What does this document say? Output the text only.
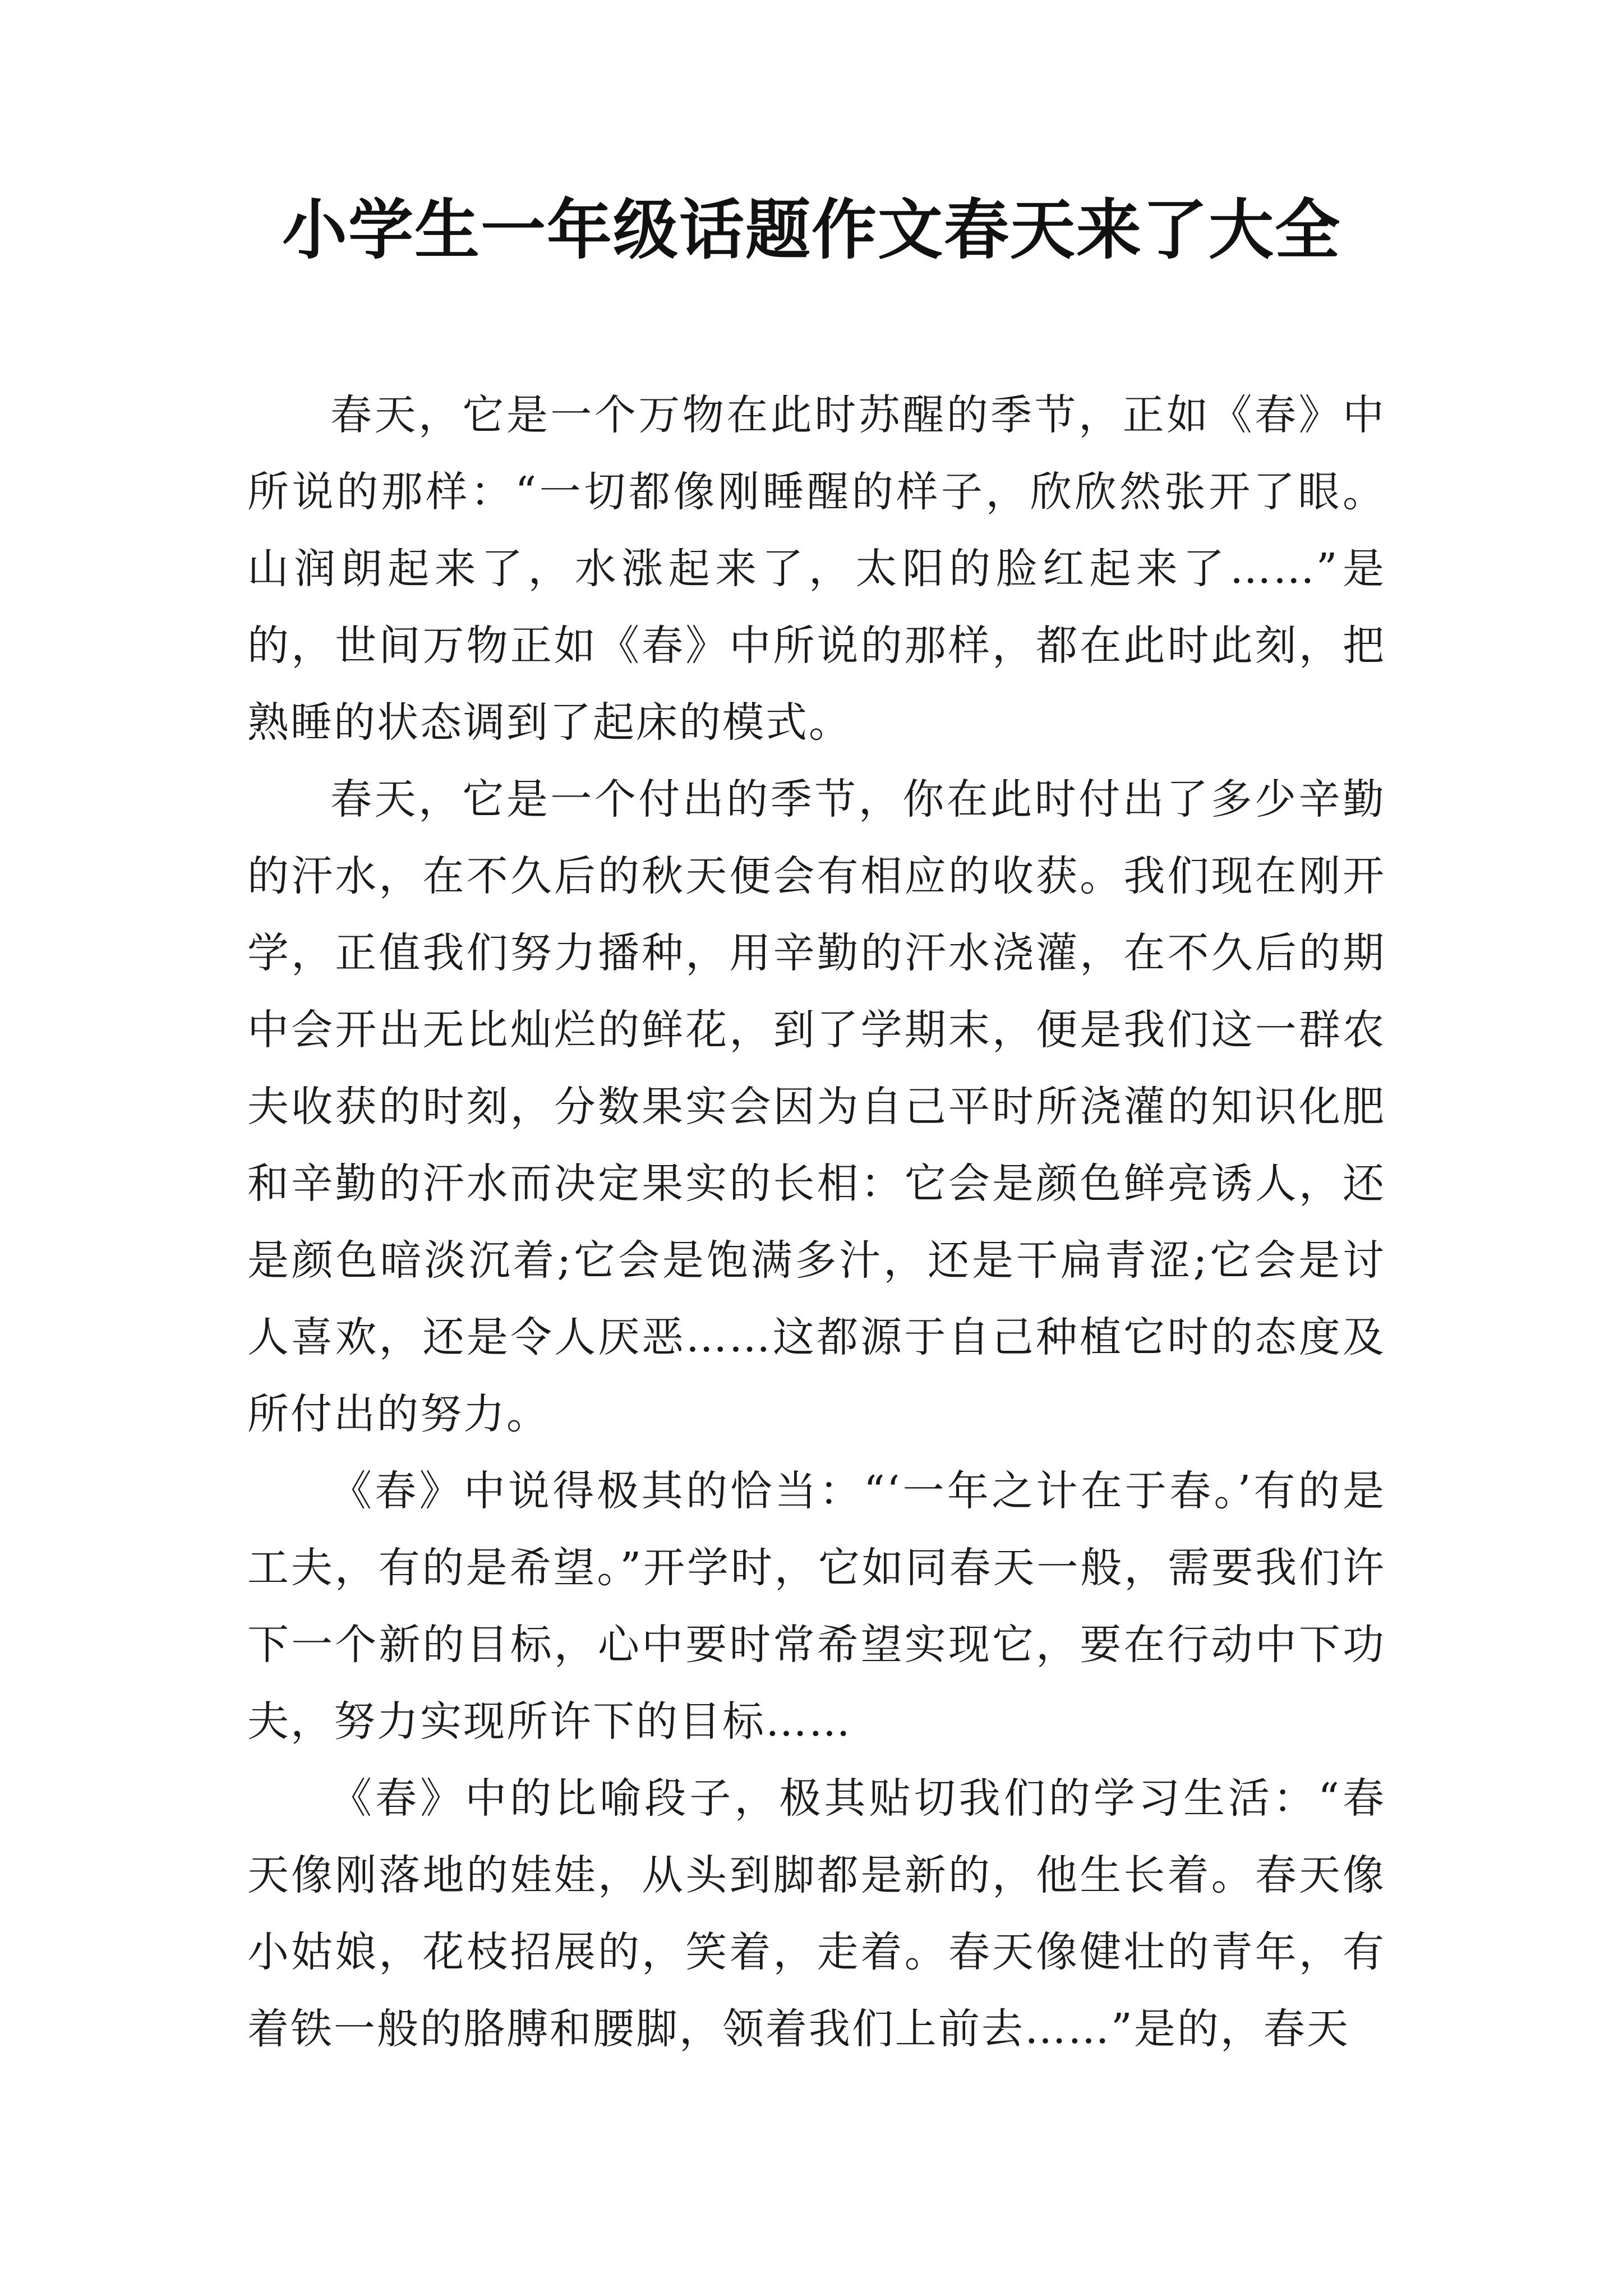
小学生一年级话题作文春天来了大全

春天，它是一个万物在此时苏醒的季节，正如《春》中所说的那样：“一切都像刚睡醒的样子，欣欣然张开了眼。山润朗起来了，水涨起来了，太阳的脸红起来了……”是的，世间万物正如《春》中所说的那样，都在此时此刻，把熟睡的状态调到了起床的模式。

春天，它是一个付出的季节，你在此时付出了多少辛勤的汗水，在不久后的秋天便会有相应的收获。我们现在刚开学，正值我们努力播种，用辛勤的汗水浇灌，在不久后的期中会开出无比灿烂的鲜花，到了学期末，便是我们这一群农夫收获的时刻，分数果实会因为自己平时所浇灌的知识化肥和辛勤的汗水而决定果实的长相：它会是颜色鲜亮诱人，还是颜色暗淡沉着;它会是饱满多汁，还是干扁青涩;它会是讨人喜欢，还是令人厌恶……这都源于自己种植它时的态度及所付出的努力。

《春》中说得极其的恰当：“‘一年之计在于春。’有的是工夫，有的是希望。”开学时，它如同春天一般，需要我们许下一个新的目标，心中要时常希望实现它，要在行动中下功夫，努力实现所许下的目标……

《春》中的比喻段子，极其贴切我们的学习生活：“春天像刚落地的娃娃，从头到脚都是新的，他生长着。春天像小姑娘，花枝招展的，笑着，走着。春天像健壮的青年，有着铁一般的胳膊和腰脚，领着我们上前去……”是的，春天
